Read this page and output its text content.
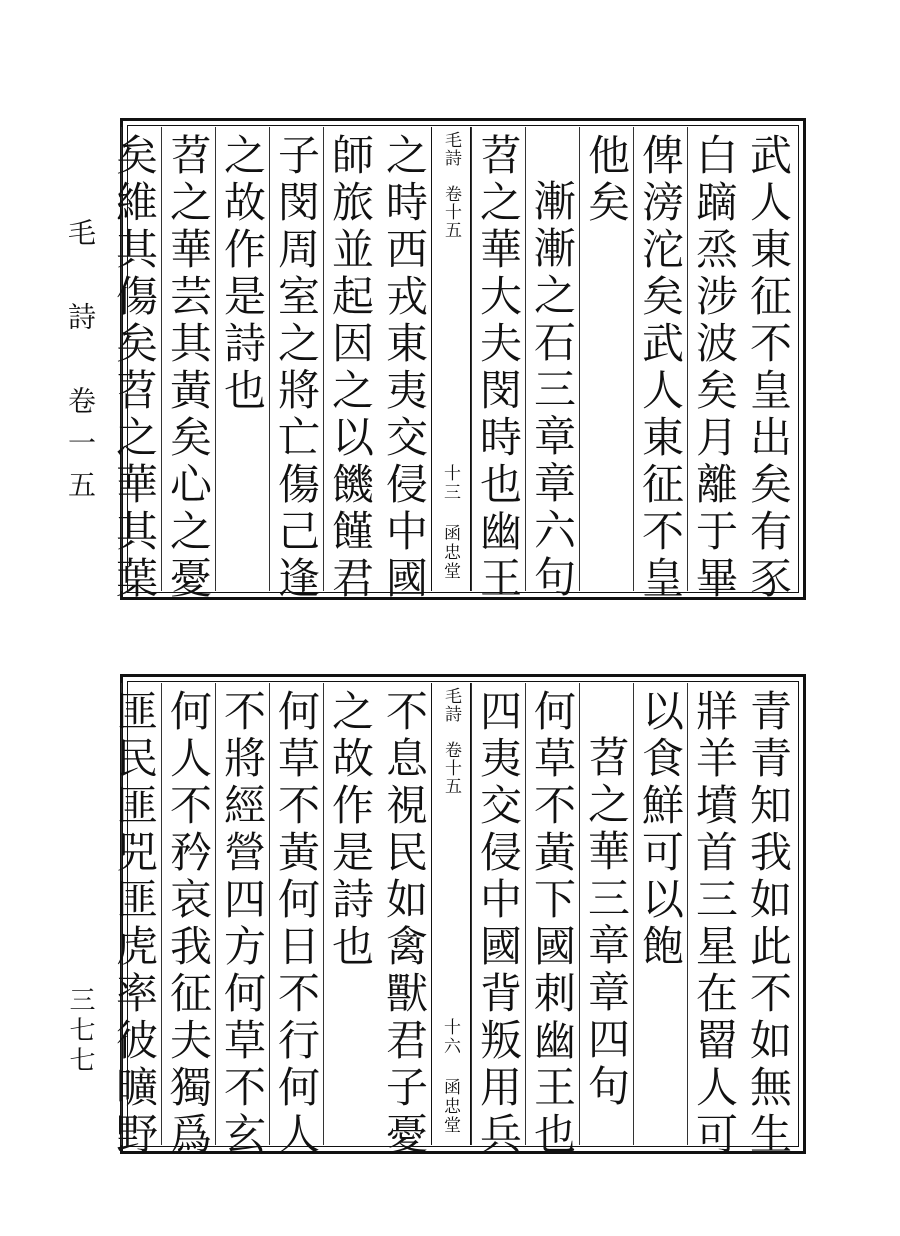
毛　詩　卷一五
三七七
武人東征不皇出矣有豕
白蹢烝涉波矣月離于畢
俾滂沱矣武人東征不皇
他矣
漸漸之石三章章六句
苕之華大夫閔時也幽王
毛詩
卷十五
十三 函忠堂
之時西戎東夷交侵中國
師旅並起因之以饑饉君
子閔周室之將亡傷己逢
之故作是詩也
苕之華芸其黃矣心之憂
矣維其傷矣苕之華其葉
青青知我如此不如無生
牂羊墳首三星在罶人可
以食鮮可以飽
苕之華三章章四句
何草不黃下國刺幽王也
四夷交侵中國背叛用兵
毛詩
卷十五
十六 函忠堂
不息視民如禽獸君子憂
之故作是詩也
何草不黃何日不行何人
不將經營四方何草不玄
何人不矜哀我征夫獨爲
匪民匪兕匪虎率彼曠野
